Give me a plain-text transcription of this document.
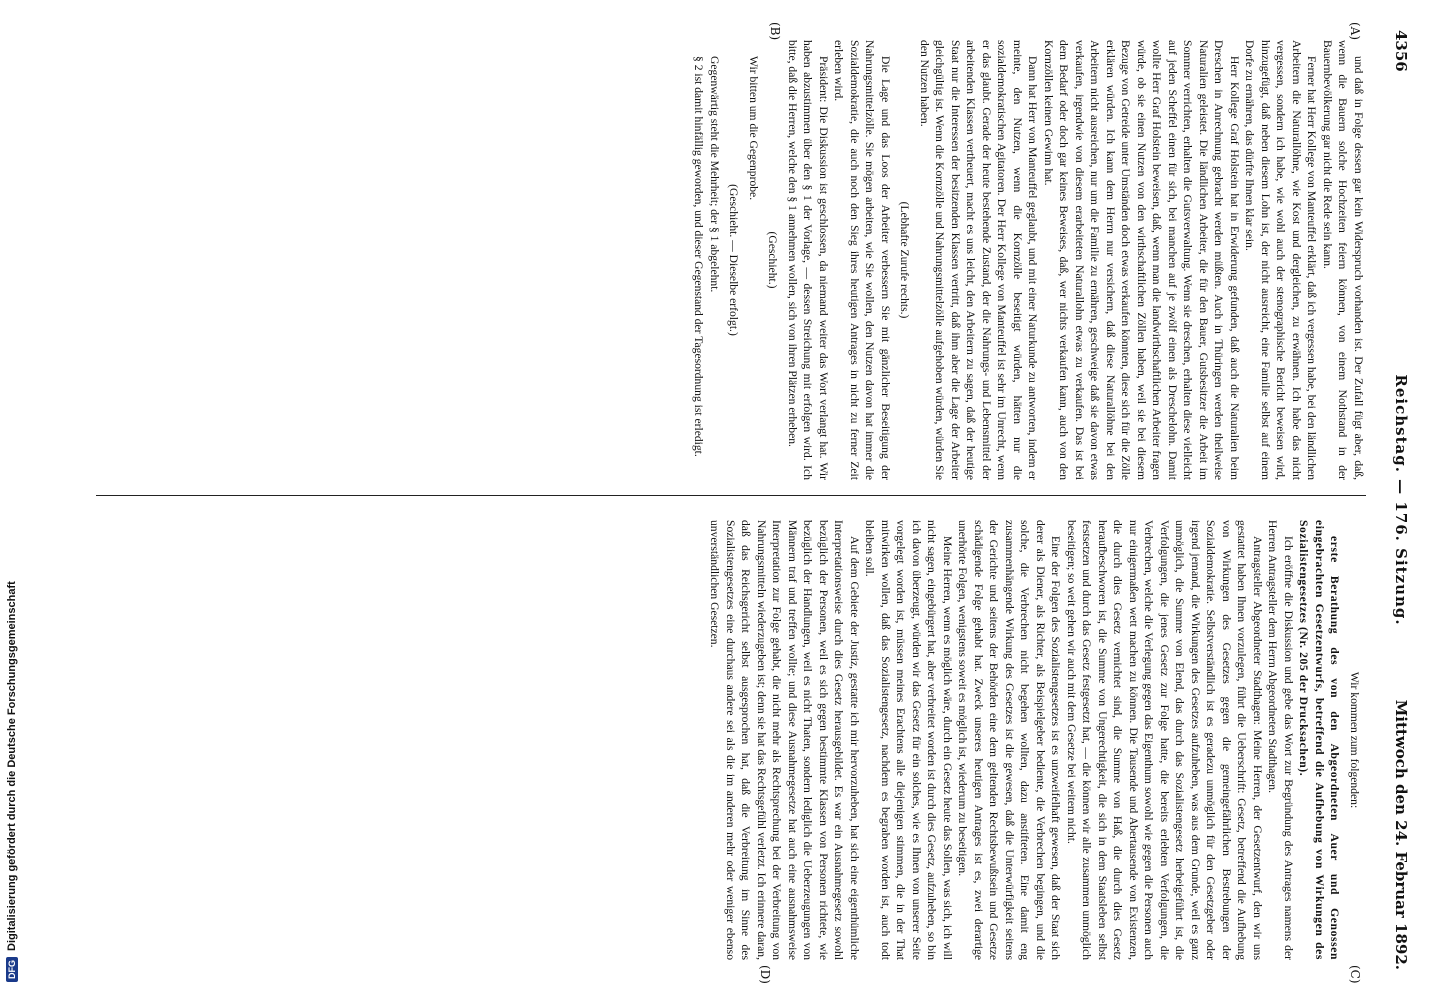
4356
Reichstag. — 176. Sitzung.
Mittwoch den 24. Februar 1892.
(A)
(B)
(C)
(D)

und daß in Folge dessen gar kein Widerspruch vorhanden ist. Der Zufall fügt aber, daß, wenn die Bauern solche Hochzeiten feiern können, von einem Nothstand in der Bauernbevölkerung gar nicht die Rede sein kann.

Ferner hat Herr Kollege von Manteuffel erklärt, daß ich vergessen habe, bei den ländlichen Arbeitern die Naturallöhne, wie Kost und dergleichen, zu erwähnen. Ich habe das nicht vergessen, sondern ich habe, wie wohl auch der stenographische Bericht beweisen wird, hinzugefügt, daß neben diesem Lohn ist, der nicht ausreicht, eine Familie selbst auf einem Dorfe zu ernähren, das dürfte Ihnen klar sein.

Herr Kollege Graf Holstein hat in Erwiderung gefunden, daß auch die Naturalien beim Dreschen in Anrechnung gebracht werden müßten. Auch in Thüringen werden theilweise Naturalien geleistet. Die ländlichen Arbeiter, die für den Bauer, Gutsbesitzer die Arbeit im Sommer verrichten, erhalten die Gutsverwaltung. Wenn sie dreschen, erhalten diese vielleicht auf jeden Scheffel einen für sich, bei manchen auf je zwölf einen als Dreschelohn. Damit wollte Herr Graf Holstein beweisen, daß, wenn man die landwirthschaftlichen Arbeiter fragen würde, ob sie einen Nutzen von den wirthschaftlichen Zöllen haben, weil sie bei diesem Bezuge von Getreide unter Umständen doch etwas verkaufen könnten, diese sich für die Zölle erklären würden. Ich kann dem Herrn nur versichern, daß diese Naturallöhne bei den Arbeitern nicht ausreichen, nur um die Familie zu ernähren, geschweige daß sie davon etwas verkaufen, irgendwie von diesem erarbeiteten Naturallohn etwas zu verkaufen. Das ist bei dem Bedarf oder doch gar keines Beweises, daß, wer nichts verkaufen kann, auch von den Kornzöllen keinen Gewinn hat.

Dann hat Herr von Manteuffel geglaubt, und mit einer Naturkunde zu antworten, indem er meinte, den Nutzen, wenn die Kornzölle beseitigt würden, hätten nur die sozialdemokratischen Agitatoren. Der Herr Kollege von Manteuffel ist sehr im Unrecht, wenn er das glaubt. Gerade der heute bestehende Zustand, der die Nahrungs- und Lebensmittel der arbeitenden Klassen vertheuert, macht es uns leicht, den Arbeitern zu sagen, daß der heutige Staat nur die Interessen der besitzenden Klassen vertritt, daß ihm aber die Lage der Arbeiter gleichgültig ist. Wenn die Kornzölle und Nahrungsmittelzölle aufgehoben würden, würden Sie den Nutzen haben.

(Lebhafte Zurufe rechts.)

Die Lage und das Loos der Arbeiter verbessern Sie mit gänzlicher Beseitigung der Nahrungsmittelzölle. Sie mögen arbeiten, wie Sie wollen, den Nutzen davon hat immer die Sozialdemokratie, die auch noch den Sieg ihres heutigen Antrages in nicht zu ferner Zeit erleben wird.

Präsident: Die Diskussion ist geschlossen, da niemand weiter das Wort verlangt hat. Wir haben abzustimmen über den § 1 der Vorlage, — dessen Streichung mit erfolgen wird. Ich bitte, daß die Herren, welche den § 1 annehmen wollen, sich von ihren Plätzen erheben.

(Geschieht.)

Wir bitten um die Gegenprobe.

(Geschieht. — Dieselbe erfolgt.)

Gegenwärtig steht die Mehrheit; der § 1 abgelehnt.

§ 2 ist damit hinfällig geworden, und dieser Gegenstand der Tagesordnung ist erledigt.

Wir kommen zum folgenden:

erste Berathung des von den Abgeordneten Auer und Genossen eingebrachten Gesetzentwurfs, betreffend die Aufhebung von Wirkungen des Sozialistengesetzes (Nr. 205 der Drucksachen).

Ich eröffne die Diskussion und gebe das Wort zur Begründung des Antrages namens der Herren Antragsteller dem Herrn Abgeordneten Stadthagen.

Antragsteller Abgeordneter Stadthagen: Meine Herren, der Gesetzentwurf, den wir uns gestattet haben Ihnen vorzulegen, führt die Ueberschrift: Gesetz, betreffend die Aufhebung von Wirkungen des Gesetzes gegen die gemeingefährlichen Bestrebungen der Sozialdemokratie. Selbstverständlich ist es geradezu unmöglich für den Gesetzgeber oder irgend jemand, die Wirkungen des Gesetzes aufzuheben, was aus dem Grunde, weil es ganz unmöglich, die Summe von Elend, das durch das Sozialistengesetz herbeigeführt ist, die Verfolgungen, die jenes Gesetz zur Folge hatte, die bereits erlebten Verfolgungen, die Verbrechen, welche die Verlegung gegen das Eigenthum sowohl wie gegen die Personen auch nur einigermaßen wett machen zu können. Die Tausende und Abertausende von Existenzen, die durch dies Gesetz vernichtet sind, die Summe von Haß, die durch dies Gesetz heraufbeschworen ist, die Summe von Ungerechtigkeit, die sich in dem Staatsleben selbst festsetzen und durch das Gesetz festgesetzt hat, — die können wir alle zusammen unmöglich beseitigen; so weit gehen wir auch mit dem Gesetze bei weitem nicht.

Eine der Folgen des Sozialistengesetzes ist es unzweifelhaft gewesen, daß der Staat sich derer als Diener, als Richter, als Beispielgeber bediente, die Verbrechen begingen, und die solche, die Verbrechen nicht begehen wollten, dazu anstifteten. Eine damit eng zusammenhängende Wirkung des Gesetzes ist die gewesen, daß die Unterwürfigkeit seitens der Gerichte und seitens der Behörden eine dem geltenden Rechtsbewußtsein und Gesetze schädigende Folge gehabt hat. Zweck unseres heutigen Antrages ist es, zwei derartige unerhörte Folgen, wenigstens soweit es möglich ist, wiederum zu beseitigen.

Meine Herren, wenn es möglich wäre, durch ein Gesetz heute das Sollen, was sich, ich will nicht sagen, eingebürgert hat, aber verbreitet worden ist durch dies Gesetz, aufzuheben, so bin ich davon überzeugt, würden wir das Gesetz für ein solches, wie es Ihnen von unserer Seite vorgelegt worden ist, müssen meines Erachtens alle diejenigen stimmen, die in der That mitwirken wollen, daß das Sozialistengesetz, nachdem es begraben worden ist, auch todt bleiben soll.

Auf dem Gebiete der Justiz, gestatte ich mir hervorzuheben, hat sich eine eigenthümliche Interpretationsweise durch dies Gesetz herausgebildet. Es war ein Ausnahmegesetz sowohl bezüglich der Personen, weil es sich gegen bestimmte Klassen von Personen richtete, wie bezüglich der Handlungen, weil es nicht Thaten, sondern lediglich die Ueberzeugungen von Männern traf und treffen wollte; und diese Ausnahmegesetze hat auch eine ausnahmsweise Interpretation zur Folge gehabt, die nicht mehr als Rechtsprechung bei der Verbreitung von Nahrungsmitteln wiederzugeben ist; denn sie hat das Rechtsgefühl verletzt. Ich erinnere daran, daß das Reichsgericht selbst ausgesprochen hat, daß die Verbreitung im Sinne des Sozialistengesetzes eine durchaus andere sei als die im anderen mehr oder weniger ebenso unverständlichen Gesetzen.

DFGDigitalisierung gefördert durch die Deutsche Forschungsgemeinschaft
